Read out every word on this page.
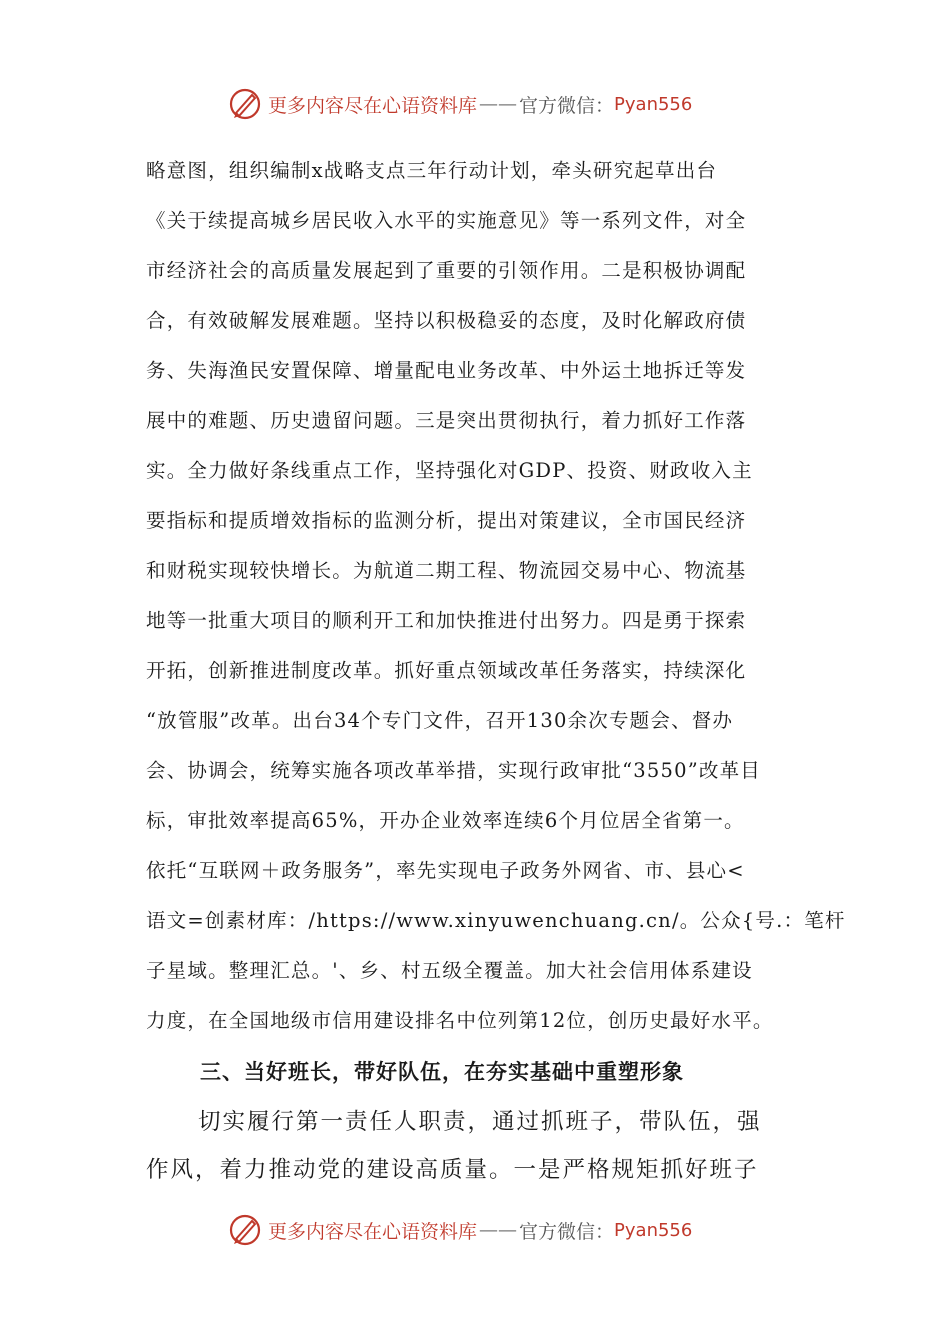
更多内容尽在心语资料库 —— 官方微信： Pyan556
略意图，组织编制x战略支点三年行动计划，牵头研究起草出台
《关于续提高城乡居民收入水平的实施意见》等一系列文件，对全
市经济社会的高质量发展起到了重要的引领作用。二是积极协调配
合，有效破解发展难题。坚持以积极稳妥的态度，及时化解政府债
务、失海渔民安置保障、增量配电业务改革、中外运土地拆迁等发
展中的难题、历史遗留问题。三是突出贯彻执行，着力抓好工作落
实。全力做好条线重点工作，坚持强化对GDP、投资、财政收入主
要指标和提质增效指标的监测分析，提出对策建议，全市国民经济
和财税实现较快增长。为航道二期工程、物流园交易中心、物流基
地等一批重大项目的顺利开工和加快推进付出努力。四是勇于探索
开拓，创新推进制度改革。抓好重点领域改革任务落实，持续深化
“放管服”改革。出台34个专门文件，召开130余次专题会、督办
会、协调会，统筹实施各项改革举措，实现行政审批“3550”改革目
标，审批效率提高65%，开办企业效率连续6个月位居全省第一。
依托“互联网＋政务服务”，率先实现电子政务外网省、市、县心<
语文=创素材库：/https://www.xinyuwenchuang.cn/。公众{号.：笔杆
子星域。整理汇总。'、乡、村五级全覆盖。加大社会信用体系建设
力度，在全国地级市信用建设排名中位列第12位，创历史最好水平。
三、当好班长，带好队伍，在夯实基础中重塑形象
切实履行第一责任人职责，通过抓班子，带队伍，强
作风，着力推动党的建设高质量。一是严格规矩抓好班子
更多内容尽在心语资料库 —— 官方微信： Pyan556
